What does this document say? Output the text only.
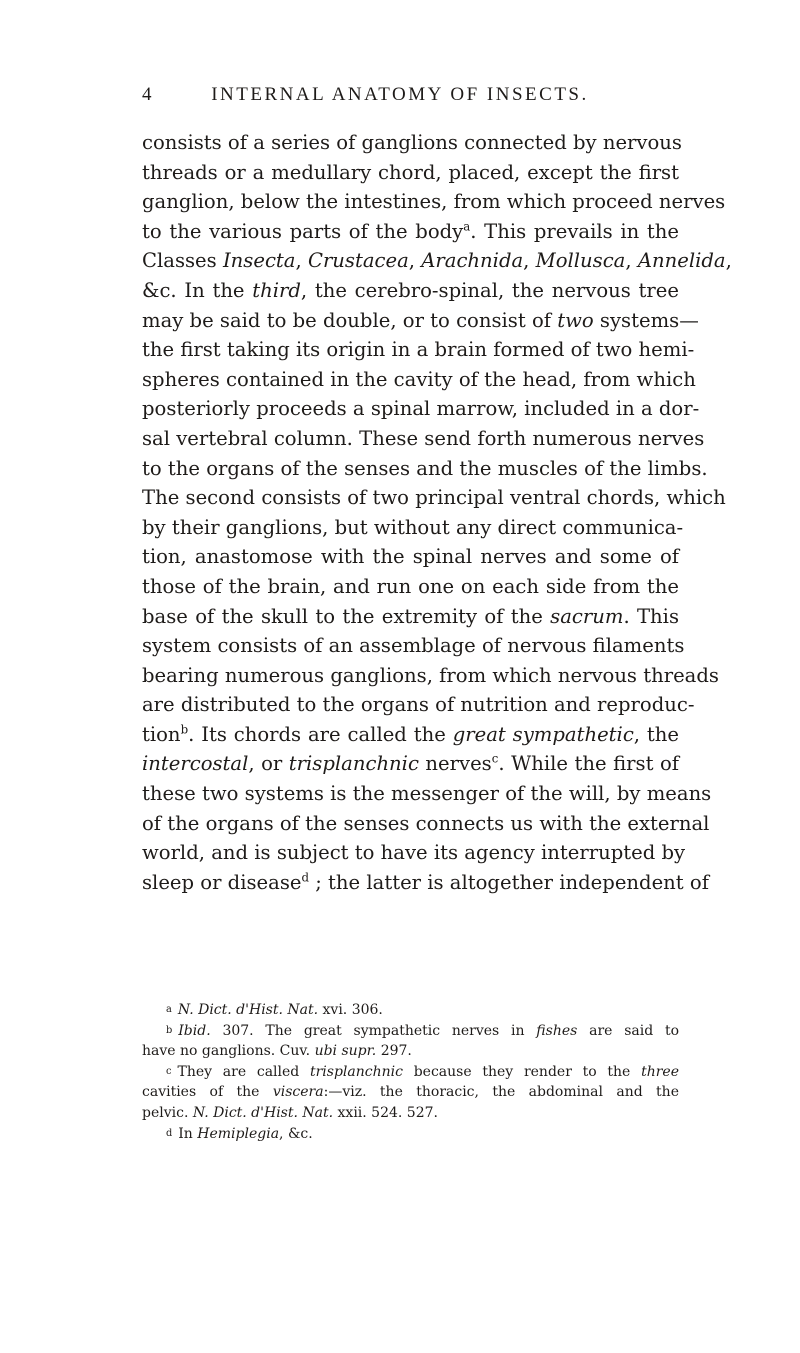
4	INTERNAL ANATOMY OF INSECTS.
consists of a series of ganglions connected by nervous
threads or a medullary chord, placed, except the first
ganglion, below the intestines, from which proceed nerves
to the various parts of the body$^a$. This prevails in the
Classes Insecta, Crustacea, Arachnida, Mollusca, Annelida,
&c. In the third, the cerebro-spinal, the nervous tree
may be said to be double, or to consist of two systems—
the first taking its origin in a brain formed of two hemi-
spheres contained in the cavity of the head, from which
posteriorly proceeds a spinal marrow, included in a dor-
sal vertebral column. These send forth numerous nerves
to the organs of the senses and the muscles of the limbs.
The second consists of two principal ventral chords, which
by their ganglions, but without any direct communica-
tion, anastomose with the spinal nerves and some of
those of the brain, and run one on each side from the
base of the skull to the extremity of the sacrum. This
system consists of an assemblage of nervous filaments
bearing numerous ganglions, from which nervous threads
are distributed to the organs of nutrition and reproduc-
tion$^b$. Its chords are called the great sympathetic, the
intercostal, or trisplanchnic nerves$^c$. While the first of
these two systems is the messenger of the will, by means
of the organs of the senses connects us with the external
world, and is subject to have its agency interrupted by
sleep or disease$^d$ ; the latter is altogether independent of
a N. Dict. d'Hist. Nat. xvi. 306.
b Ibid. 307. The great sympathetic nerves in fishes are said to
have no ganglions. Cuv. ubi supr. 297.
c They are called trisplanchnic because they render to the three
cavities of the viscera:—viz. the thoracic, the abdominal and the
pelvic. N. Dict. d'Hist. Nat. xxii. 524. 527.
d In Hemiplegia, &c.
